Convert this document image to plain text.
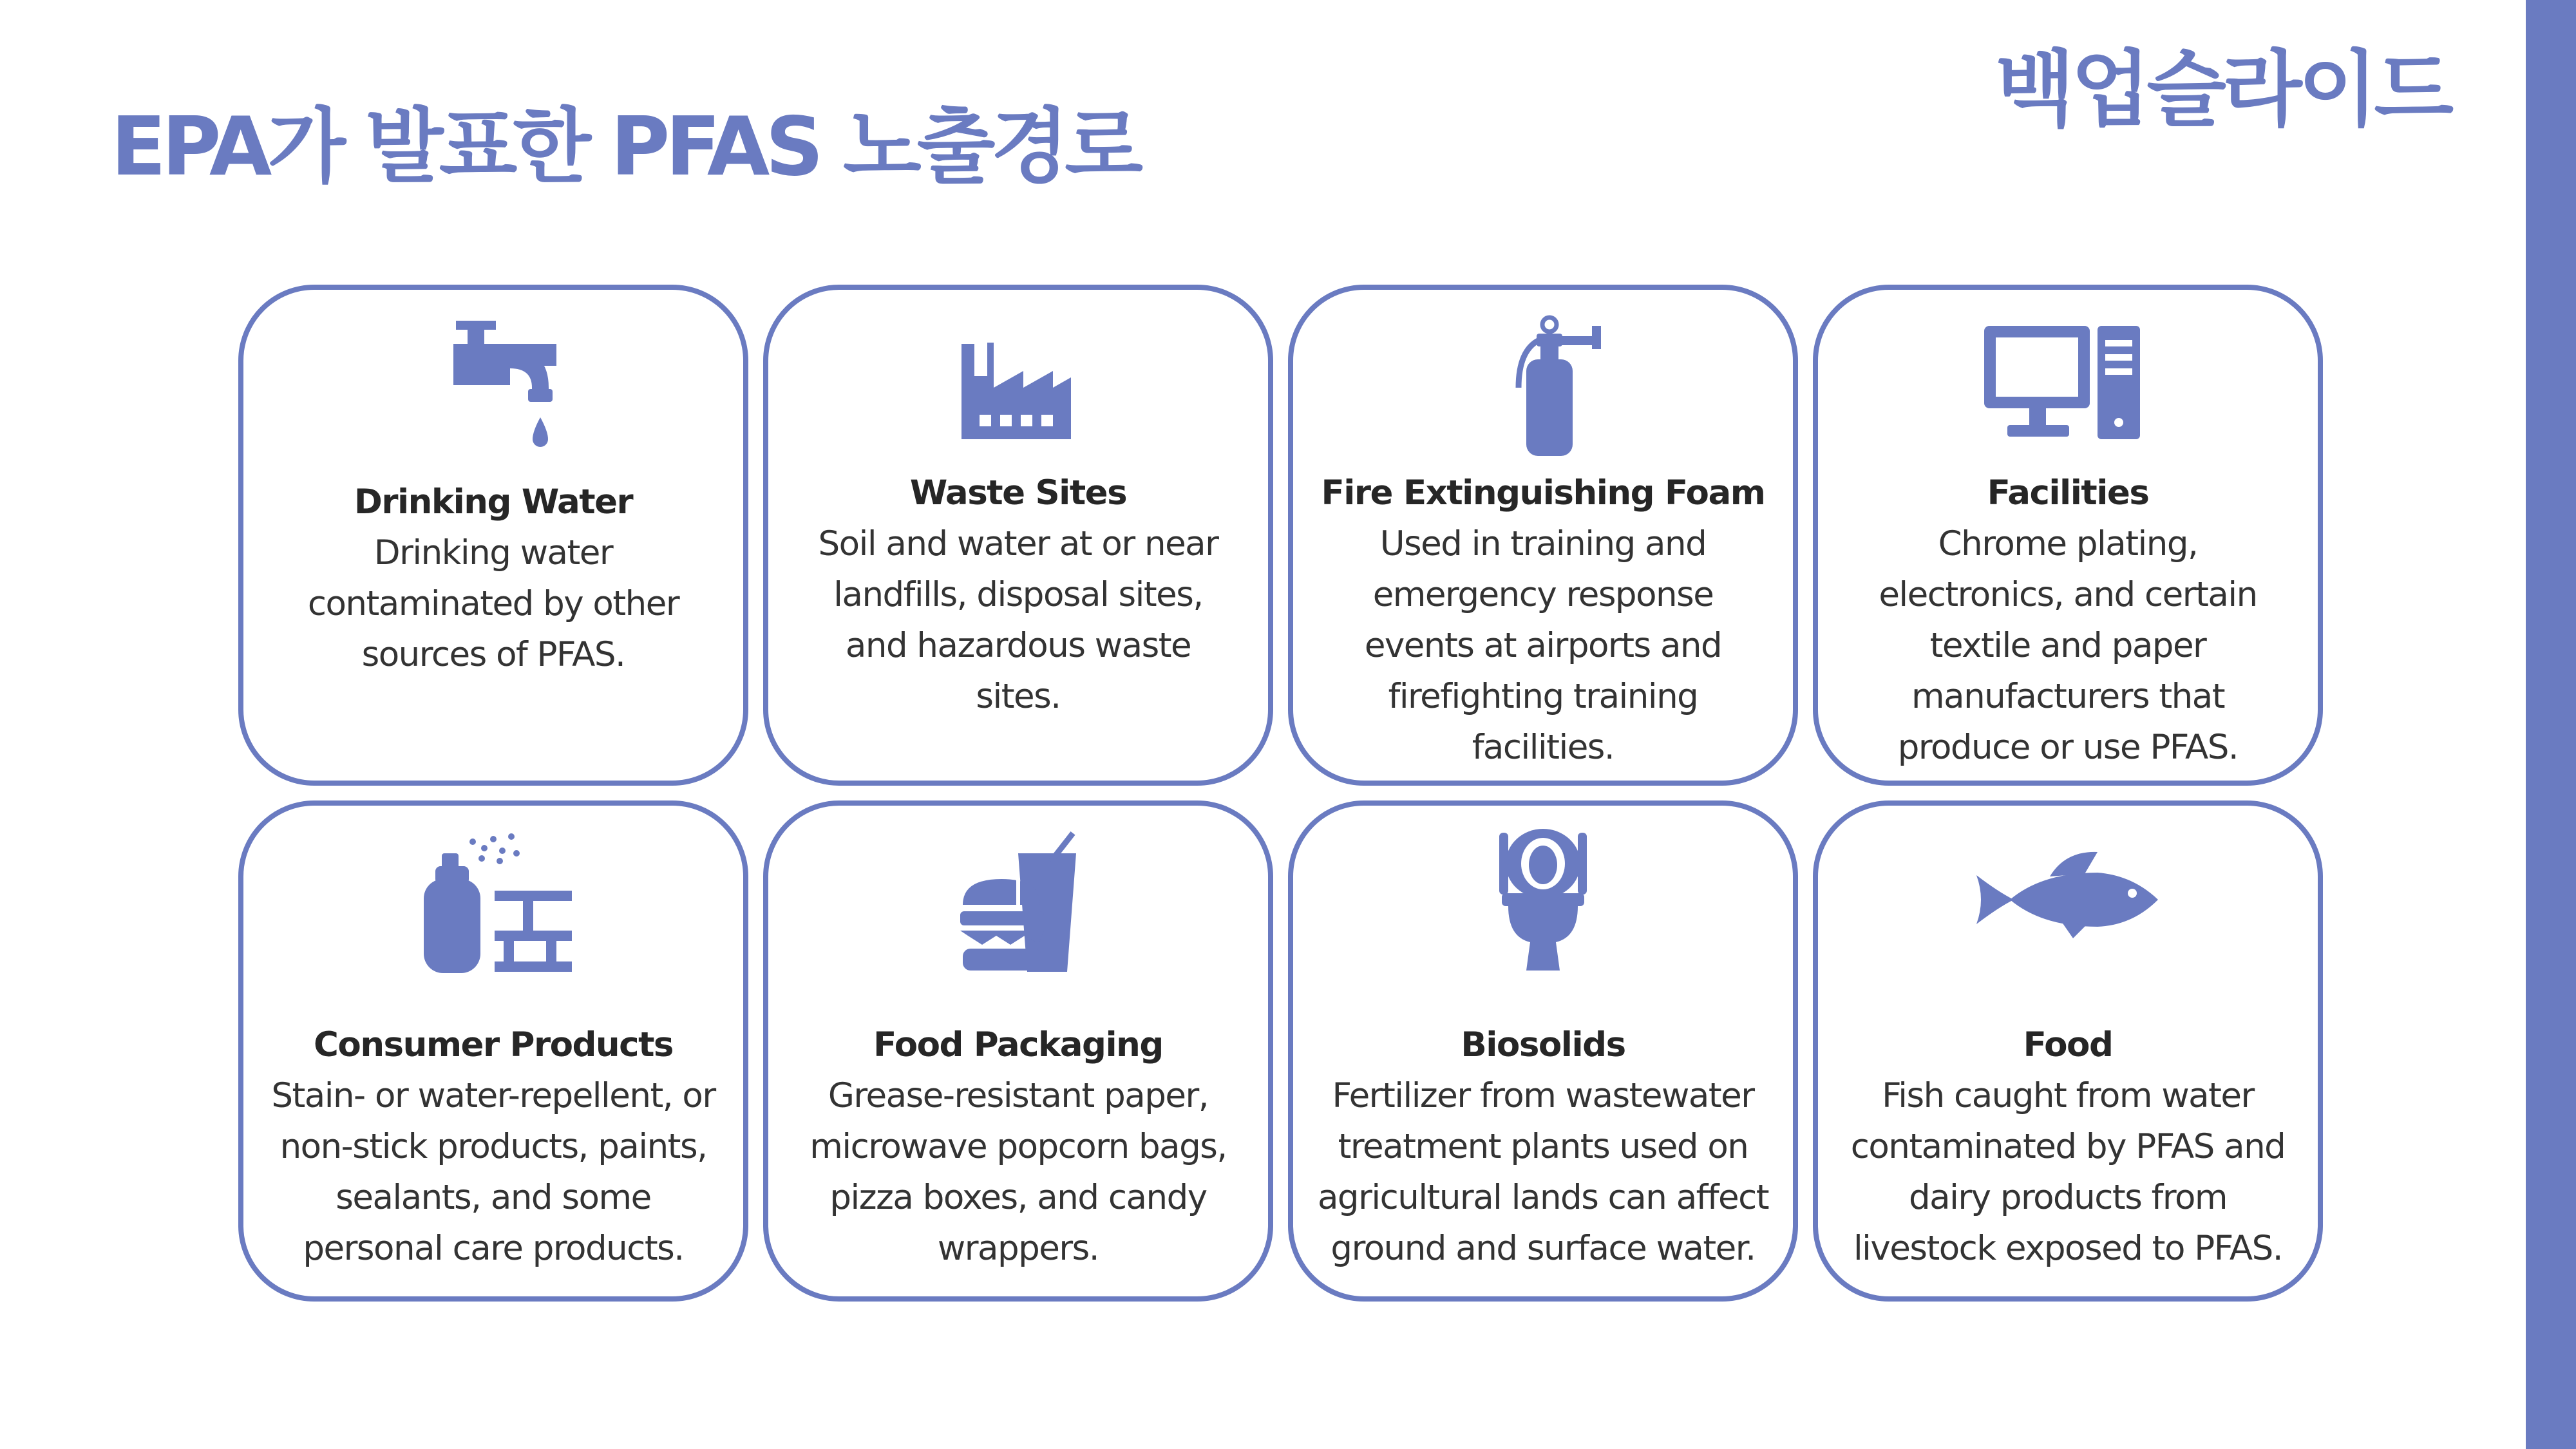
EPA가 발표한 PFAS 노출경로
백업슬라이드
Drinking Water
Drinking water
contaminated by other
sources of PFAS.
Waste Sites
Soil and water at or near
landfills, disposal sites,
and hazardous waste
sites.
Fire Extinguishing Foam
Used in training and
emergency response
events at airports and
firefighting training
facilities.
Facilities
Chrome plating,
electronics, and certain
textile and paper
manufacturers that
produce or use PFAS.
Consumer Products
Stain- or water-repellent, or
non-stick products, paints,
sealants, and some
personal care products.
Food Packaging
Grease-resistant paper,
microwave popcorn bags,
pizza boxes, and candy
wrappers.
Biosolids
Fertilizer from wastewater
treatment plants used on
agricultural lands can affect
ground and surface water.
Food
Fish caught from water
contaminated by PFAS and
dairy products from
livestock exposed to PFAS.
